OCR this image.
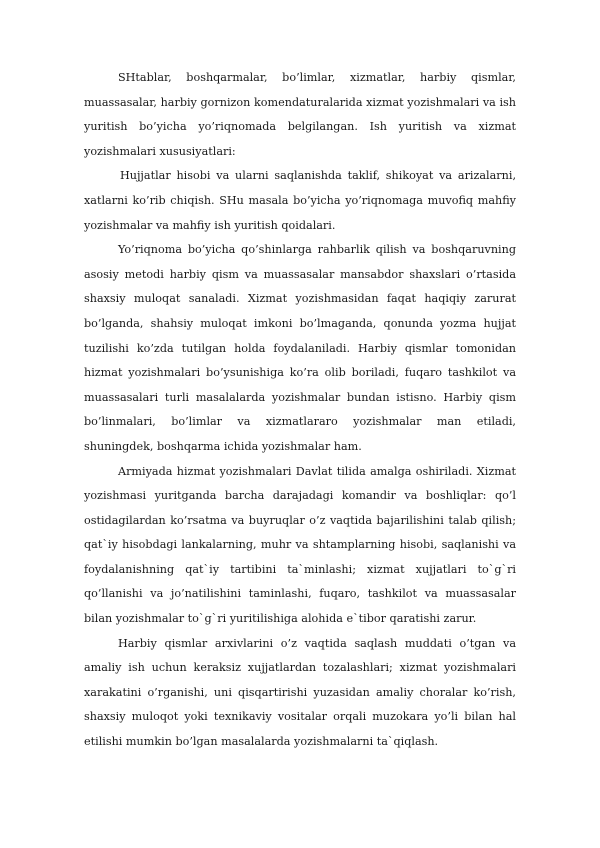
SHtablar, boshqarmalar, bo’limlar, xizmatlar, harbiy qismlar, muassasalar, harbiy gornizon komendaturalarida xizmat yozishmalari va ish yuritish bo’yicha yo’riqnomada belgilangan. Ish yuritish va xizmat yozishmalari xususiyatlari:

Hujjatlar hisobi va ularni saqlanishda taklif, shikoyat va arizalarni, xatlarni ko’rib chiqish. SHu masala bo’yicha yo’riqnomaga muvofiq mahfiy yozishmalar va mahfiy ish yuritish qoidalari.

Yo’riqnoma bo’yicha qo’shinlarga rahbarlik qilish va boshqaruvning asosiy metodi harbiy qism va muassasalar mansabdor shaxslari o’rtasida shaxsiy muloqat sanaladi. Xizmat yozishmasidan faqat haqiqiy zarurat bo’lganda, shahsiy muloqat imkoni bo’lmaganda, qonunda yozma hujjat tuzilishi ko’zda tutilgan holda foydalaniladi. Harbiy qismlar tomonidan hizmat yozishmalari bo’ysunishiga ko’ra olib boriladi, fuqaro tashkilot va muassasalari turli masalalarda yozishmalar bundan istisno. Harbiy qism bo’linmalari, bo’limlar va xizmatlararo yozishmalar man etiladi, shuningdek, boshqarma ichida yozishmalar ham.

Armiyada hizmat yozishmalari Davlat tilida amalga oshiriladi. Xizmat yozishmasi yuritganda barcha darajadagi komandir va boshliqlar: qo’l ostidagilardan ko’rsatma va buyruqlar o’z vaqtida bajarilishini talab qilish; qat`iy hisobdagi lankalarning, muhr va shtamplarning hisobi, saqlanishi va foydalanishning qat`iy tartibini ta`minlashi; xizmat xujjatlari to`g`ri qo’llanishi va jo’natilishini taminlashi, fuqaro, tashkilot va muassasalar bilan yozishmalar to`g`ri yuritilishiga alohida e`tibor qaratishi zarur.

Harbiy qismlar arxivlarini o’z vaqtida saqlash muddati o’tgan va amaliy ish uchun keraksiz xujjatlardan tozalashlari; xizmat yozishmalari xarakatini o’rganishi, uni qisqartirishi yuzasidan amaliy choralar ko’rish, shaxsiy muloqot yoki texnikaviy vositalar orqali muzokara yo’li bilan hal etilishi mumkin bo’lgan masalalarda yozishmalarni ta`qiqlash.
